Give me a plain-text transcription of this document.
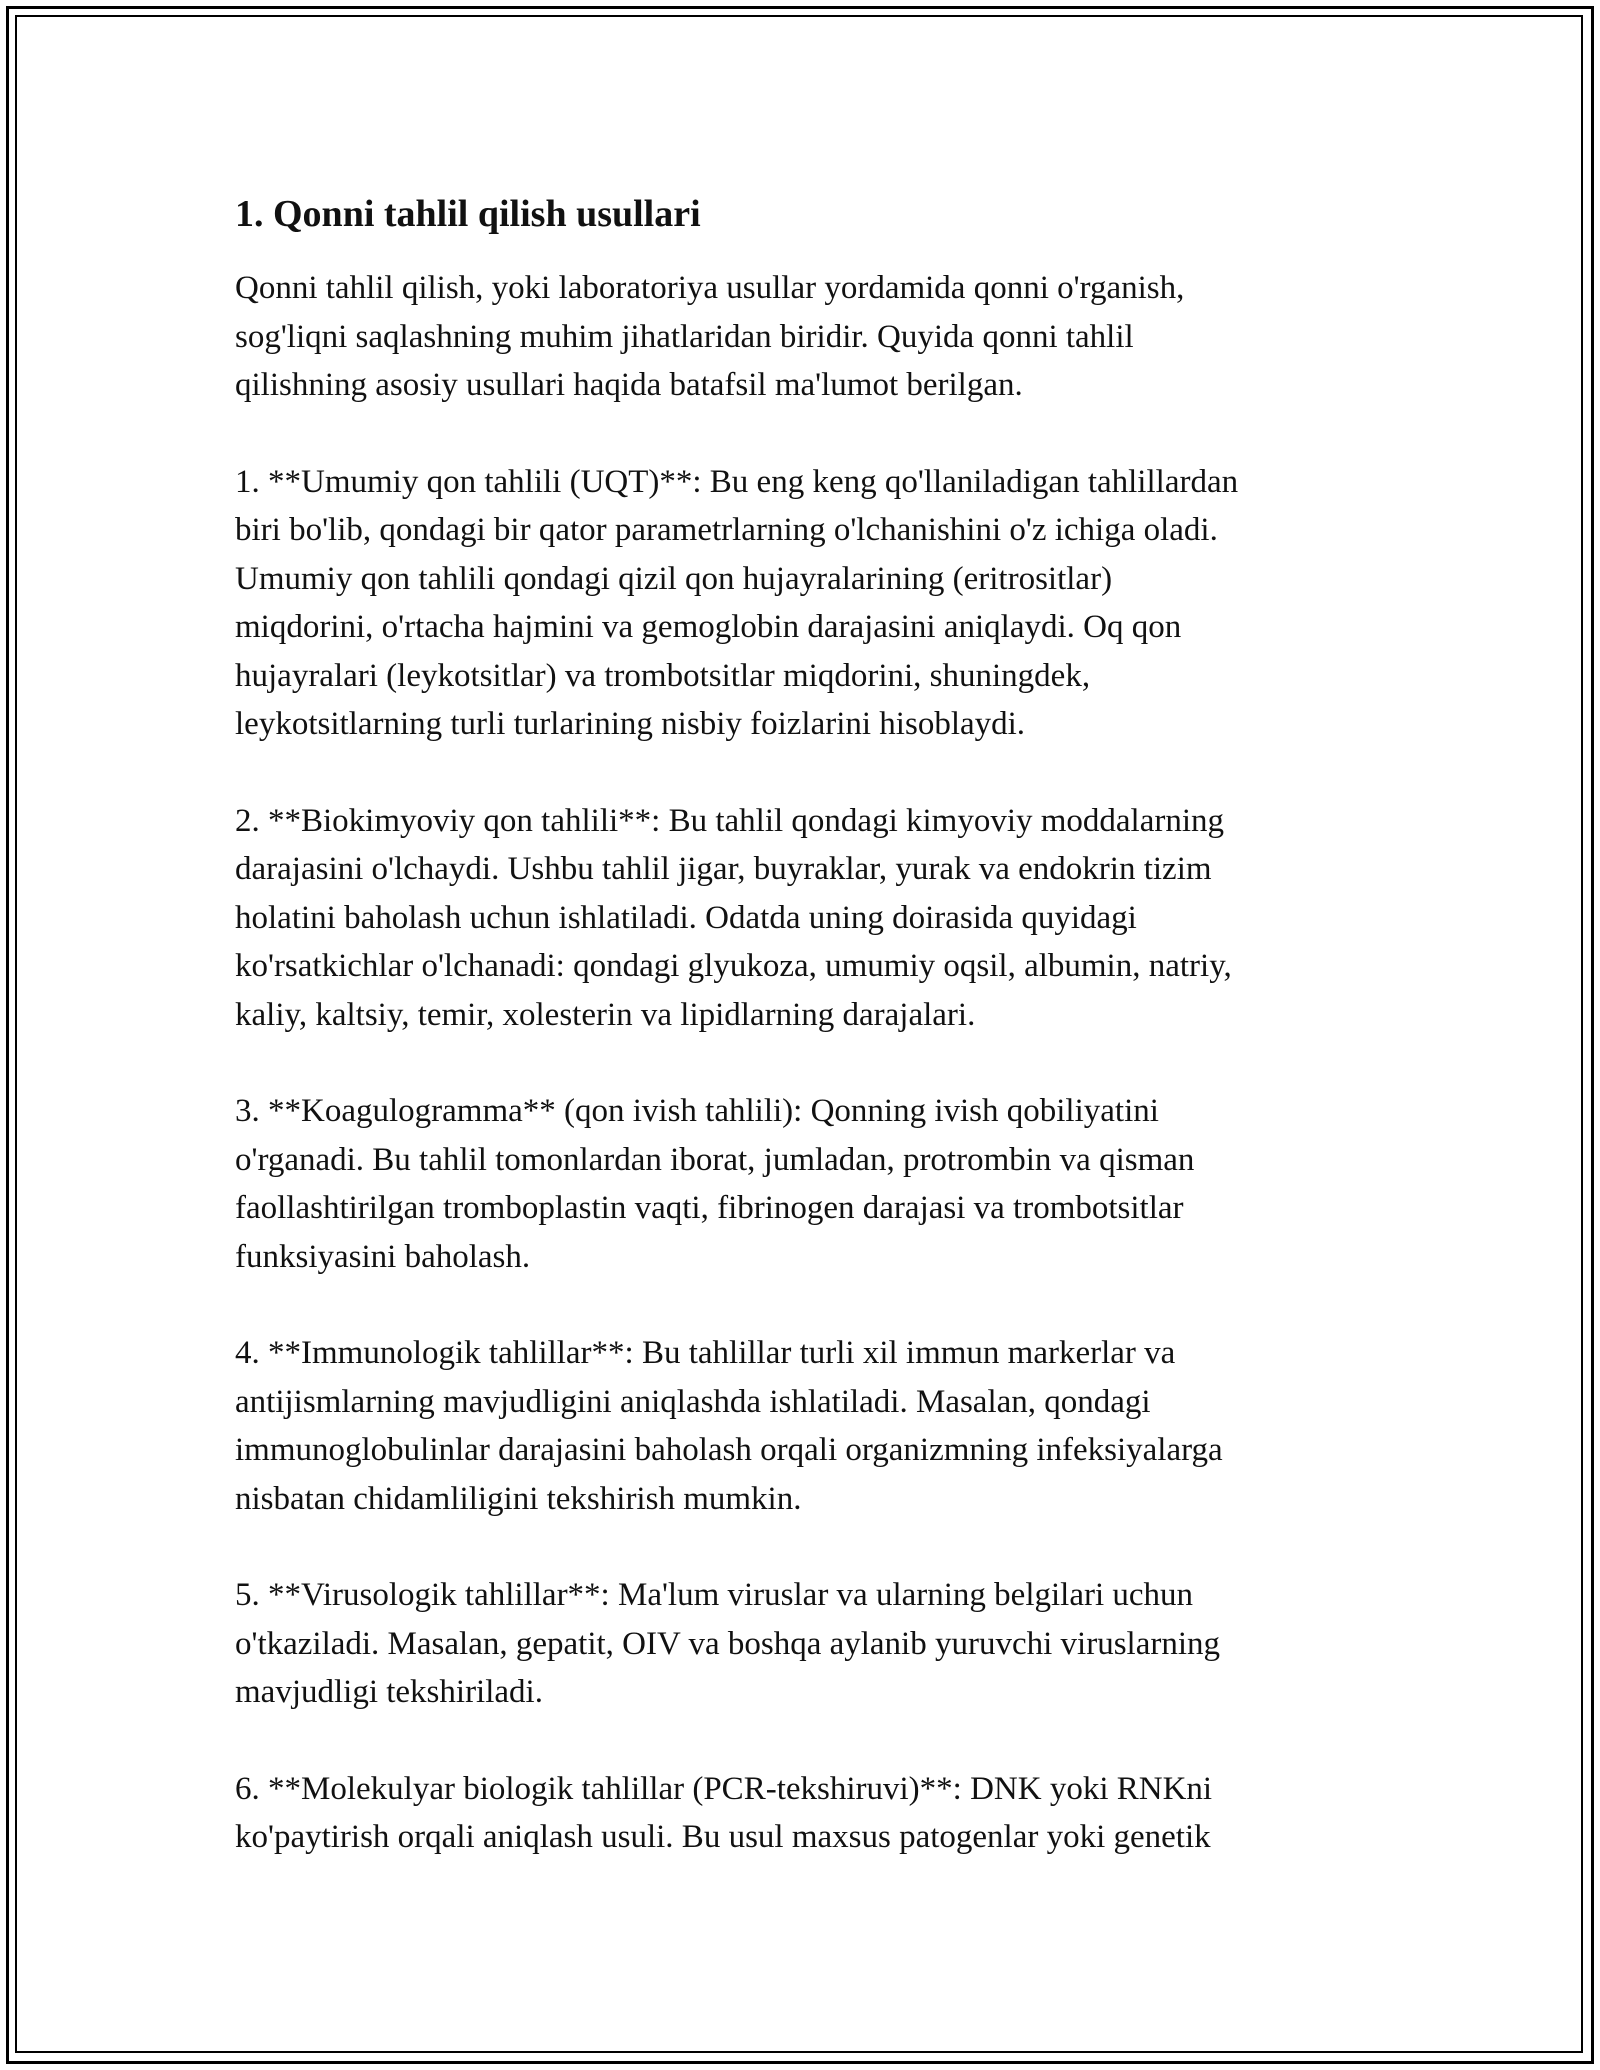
1. Qonni tahlil qilish usullari

Qonni tahlil qilish, yoki laboratoriya usullar yordamida qonni o'rganish,
sog'liqni saqlashning muhim jihatlaridan biridir. Quyida qonni tahlil
qilishning asosiy usullari haqida batafsil ma'lumot berilgan.

1. **Umumiy qon tahlili (UQT)**: Bu eng keng qo'llaniladigan tahlillardan
biri bo'lib, qondagi bir qator parametrlarning o'lchanishini o'z ichiga oladi.
Umumiy qon tahlili qondagi qizil qon hujayralarining (eritrositlar)
miqdorini, o'rtacha hajmini va gemoglobin darajasini aniqlaydi. Oq qon
hujayralari (leykotsitlar) va trombotsitlar miqdorini, shuningdek,
leykotsitlarning turli turlarining nisbiy foizlarini hisoblaydi.

2. **Biokimyoviy qon tahlili**: Bu tahlil qondagi kimyoviy moddalarning
darajasini o'lchaydi. Ushbu tahlil jigar, buyraklar, yurak va endokrin tizim
holatini baholash uchun ishlatiladi. Odatda uning doirasida quyidagi
ko'rsatkichlar o'lchanadi: qondagi glyukoza, umumiy oqsil, albumin, natriy,
kaliy, kaltsiy, temir, xolesterin va lipidlarning darajalari.

3. **Koagulogramma** (qon ivish tahlili): Qonning ivish qobiliyatini
o'rganadi. Bu tahlil tomonlardan iborat, jumladan, protrombin va qisman
faollashtirilgan tromboplastin vaqti, fibrinogen darajasi va trombotsitlar
funksiyasini baholash.

4. **Immunologik tahlillar**: Bu tahlillar turli xil immun markerlar va
antijismlarning mavjudligini aniqlashda ishlatiladi. Masalan, qondagi
immunoglobulinlar darajasini baholash orqali organizmning infeksiyalarga
nisbatan chidamliligini tekshirish mumkin.

5. **Virusologik tahlillar**: Ma'lum viruslar va ularning belgilari uchun
o'tkaziladi. Masalan, gepatit, OIV va boshqa aylanib yuruvchi viruslarning
mavjudligi tekshiriladi.

6. **Molekulyar biologik tahlillar (PCR-tekshiruvi)**: DNK yoki RNKni
ko'paytirish orqali aniqlash usuli. Bu usul maxsus patogenlar yoki genetik
